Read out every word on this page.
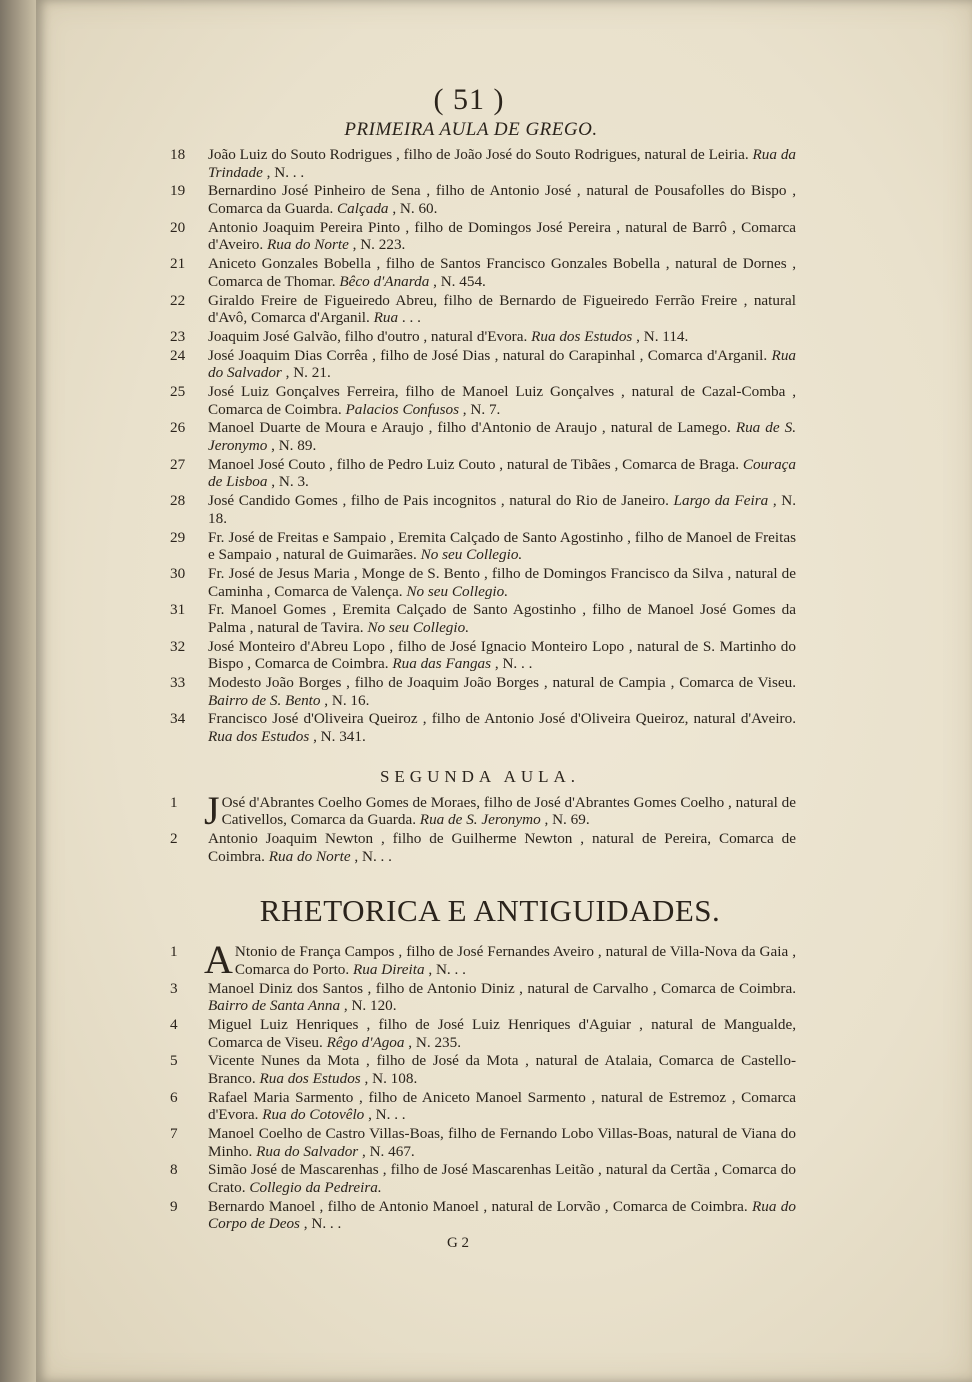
( 51 )
PRIMEIRA AULA DE GREGO.
18	João Luiz do Souto Rodrigues , filho de João José do Souto Rodrigues, natural de Leiria. Rua da Trindade , N. . .
19	Bernardino José Pinheiro de Sena , filho de Antonio José , natural de Pousafolles do Bispo , Comarca da Guarda. Calçada , N. 60.
20	Antonio Joaquim Pereira Pinto , filho de Domingos José Pereira , natural de Barrô , Comarca d'Aveiro. Rua do Norte , N. 223.
21	Aniceto Gonzales Bobella , filho de Santos Francisco Gonzales Bobella , natural de Dornes , Comarca de Thomar. Bêco d'Anarda , N. 454.
22	Giraldo Freire de Figueiredo Abreu, filho de Bernardo de Figueiredo Ferrão Freire , natural d'Avô, Comarca d'Arganil. Rua . . .
23	Joaquim José Galvão, filho d'outro , natural d'Evora. Rua dos Estudos , N. 114.
24	José Joaquim Dias Corrêa , filho de José Dias , natural do Carapinhal , Comarca d'Arganil. Rua do Salvador , N. 21.
25	José Luiz Gonçalves Ferreira, filho de Manoel Luiz Gonçalves , natural de Cazal-Comba , Comarca de Coimbra. Palacios Confusos , N. 7.
26	Manoel Duarte de Moura e Araujo , filho d'Antonio de Araujo , natural de Lamego. Rua de S. Jeronymo , N. 89.
27	Manoel José Couto , filho de Pedro Luiz Couto , natural de Tibães , Comarca de Braga. Couraça de Lisboa , N. 3.
28	José Candido Gomes , filho de Pais incognitos , natural do Rio de Janeiro. Largo da Feira , N. 18.
29	Fr. José de Freitas e Sampaio , Eremita Calçado de Santo Agostinho , filho de Manoel de Freitas e Sampaio , natural de Guimarães. No seu Collegio.
30	Fr. José de Jesus Maria , Monge de S. Bento , filho de Domingos Francisco da Silva , natural de Caminha , Comarca de Valença. No seu Collegio.
31	Fr. Manoel Gomes , Eremita Calçado de Santo Agostinho , filho de Manoel José Gomes da Palma , natural de Tavira. No seu Collegio.
32	José Monteiro d'Abreu Lopo , filho de José Ignacio Monteiro Lopo , natural de S. Martinho do Bispo , Comarca de Coimbra. Rua das Fangas , N. . .
33	Modesto João Borges , filho de Joaquim João Borges , natural de Campia , Comarca de Viseu. Bairro de S. Bento , N. 16.
34	Francisco José d'Oliveira Queiroz , filho de Antonio José d'Oliveira Queiroz, natural d'Aveiro. Rua dos Estudos , N. 341.
SEGUNDA AULA.
1 J Osé d'Abrantes Coelho Gomes de Moraes, filho de José d'Abrantes Gomes Coelho , natural de Cativellos, Comarca da Guarda. Rua de S. Jeronymo , N. 69.
2	Antonio Joaquim Newton , filho de Guilherme Newton , natural de Pereira, Comarca de Coimbra. Rua do Norte , N. . .
RHETORICA E ANTIGUIDADES.
1 A Ntonio de França Campos , filho de José Fernandes Aveiro , natural de Villa-Nova da Gaia , Comarca do Porto. Rua Direita , N. . .
3	Manoel Diniz dos Santos , filho de Antonio Diniz , natural de Carvalho , Comarca de Coimbra. Bairro de Santa Anna , N. 120.
4	Miguel Luiz Henriques , filho de José Luiz Henriques d'Aguiar , natural de Mangualde, Comarca de Viseu. Rêgo d'Agoa , N. 235.
5	Vicente Nunes da Mota , filho de José da Mota , natural de Atalaia, Comarca de Castello-Branco. Rua dos Estudos , N. 108.
6	Rafael Maria Sarmento , filho de Aniceto Manoel Sarmento , natural de Estremoz , Comarca d'Evora. Rua do Cotovêlo , N. . .
7	Manoel Coelho de Castro Villas-Boas, filho de Fernando Lobo Villas-Boas, natural de Viana do Minho. Rua do Salvador , N. 467.
8	Simão José de Mascarenhas , filho de José Mascarenhas Leitão , natural da Certãa , Comarca do Crato. Collegio da Pedreira.
9	Bernardo Manoel , filho de Antonio Manoel , natural de Lorvão , Comarca de Coimbra. Rua do Corpo de Deos , N. . .
G 2
